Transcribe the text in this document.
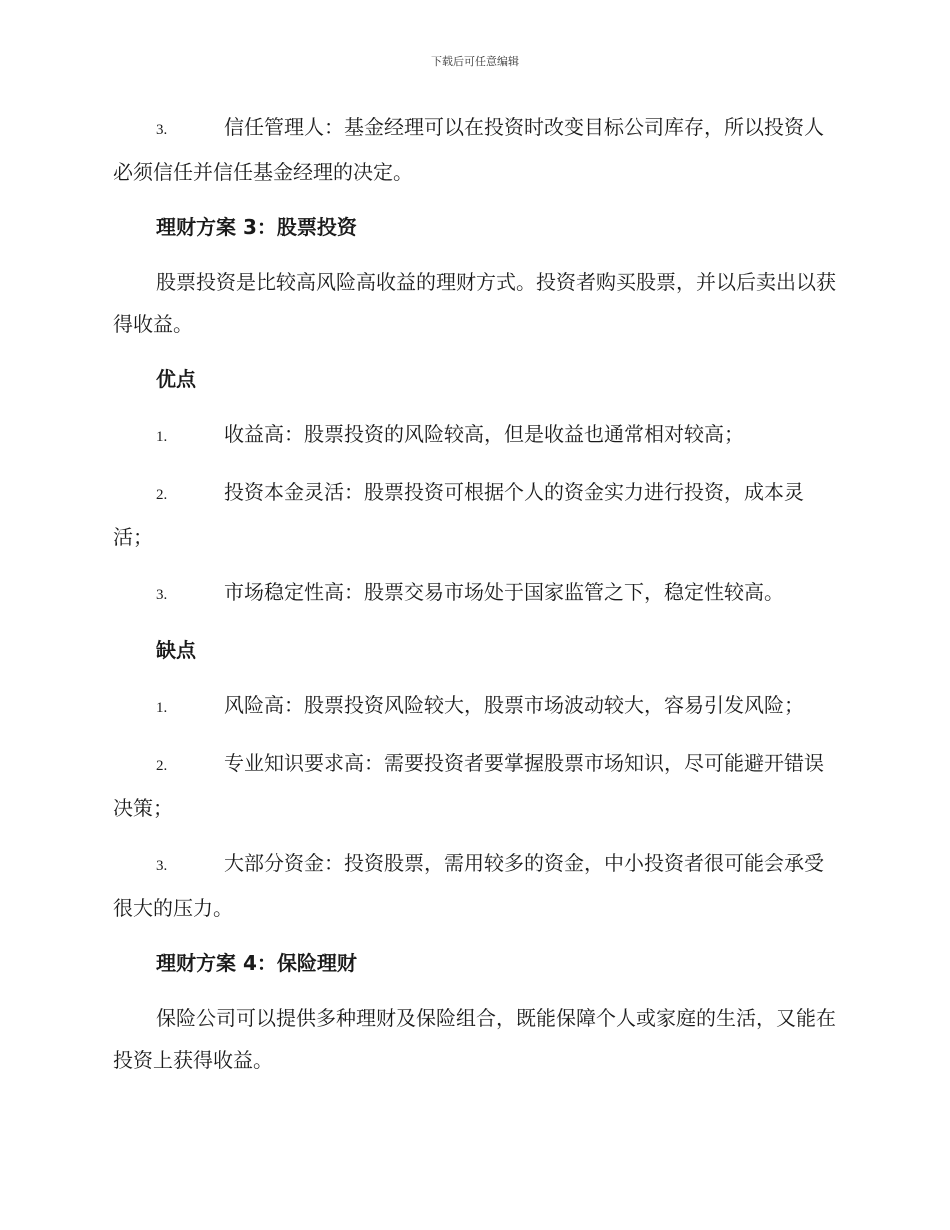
下载后可任意编辑
3.	信任管理人：基金经理可以在投资时改变目标公司库存，所以投资人必须信任并信任基金经理的决定。
理财方案 3：股票投资
股票投资是比较高风险高收益的理财方式。投资者购买股票，并以后卖出以获得收益。
优点
1.	收益高：股票投资的风险较高，但是收益也通常相对较高；
2.	投资本金灵活：股票投资可根据个人的资金实力进行投资，成本灵活；
3.	市场稳定性高：股票交易市场处于国家监管之下，稳定性较高。
缺点
1.	风险高：股票投资风险较大，股票市场波动较大，容易引发风险；
2.	专业知识要求高：需要投资者要掌握股票市场知识，尽可能避开错误决策；
3.	大部分资金：投资股票，需用较多的资金，中小投资者很可能会承受很大的压力。
理财方案 4：保险理财
保险公司可以提供多种理财及保险组合，既能保障个人或家庭的生活，又能在投资上获得收益。
